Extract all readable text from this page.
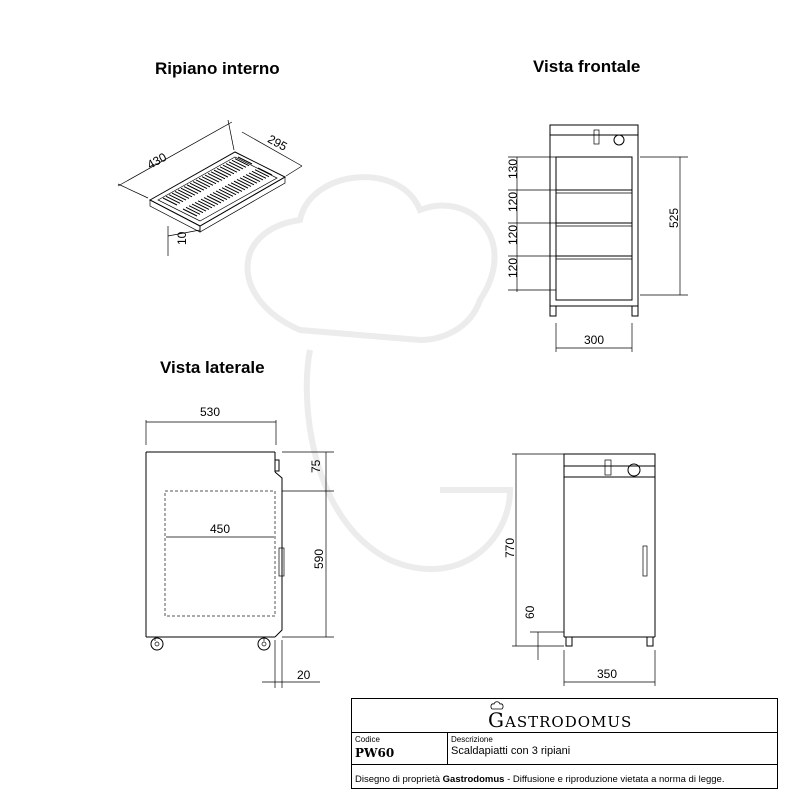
Ripiano interno	Vista frontale
Vista laterale
430
295
10
130
120
120
120
525
300
530
450
75
590
20
770
60
350
GASTRODOMUS
Codice
PW60
Descrizione
Scaldapiatti con 3 ripiani
Disegno di proprietà Gastrodomus - Diffusione e riproduzione vietata a norma di legge.
